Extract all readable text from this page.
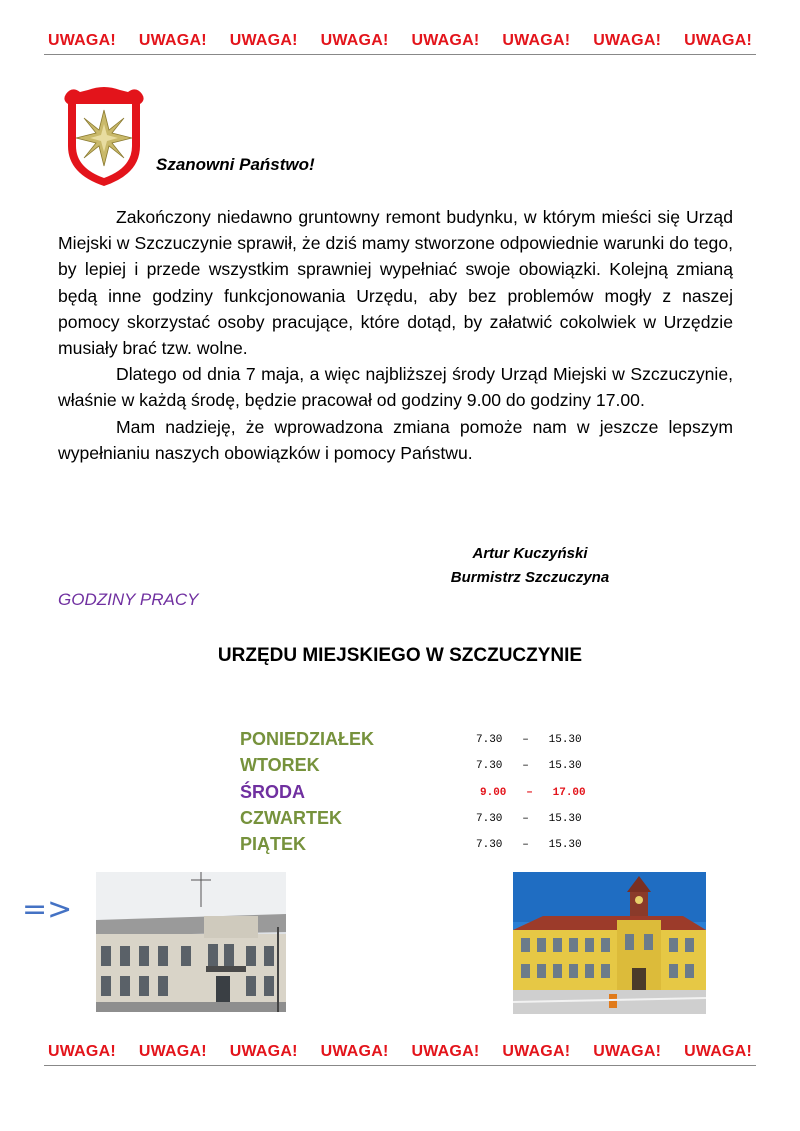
UWAGA! UWAGA! UWAGA! UWAGA! UWAGA! UWAGA! UWAGA! UWAGA!
Szanowni Państwo!

Zakończony niedawno gruntowny remont budynku, w którym mieści się Urząd Miejski w Szczuczynie sprawił, że dziś mamy stworzone odpowiednie warunki do tego, by lepiej i przede wszystkim sprawniej wypełniać swoje obowiązki. Kolejną zmianą będą inne godziny funkcjonowania Urzędu, aby bez problemów mogły z naszej pomocy skorzystać osoby pracujące, które dotąd, by załatwić cokolwiek w Urzędzie musiały brać tzw. wolne.

Dlatego od dnia 7 maja, a więc najbliższej środy Urząd Miejski w Szczuczynie, właśnie w każdą środę, będzie pracował od godziny 9.00 do godziny 17.00.

Mam nadzieję, że wprowadzona zmiana pomoże nam w jeszcze lepszym wypełnianiu naszych obowiązków i pomocy Państwu.

Artur Kuczyński
Burmistrz Szczuczyna
GODZINY PRACY
URZĘDU MIEJSKIEGO W SZCZUCZYNIE
PONIEDZIAŁEK	7.30   –   15.30
WTOREK	7.30   –   15.30
ŚRODA	9.00   –   17.00
CZWARTEK	7.30   –   15.30
PIĄTEK	7.30   –   15.30
=>
UWAGA! UWAGA! UWAGA! UWAGA! UWAGA! UWAGA! UWAGA! UWAGA!
